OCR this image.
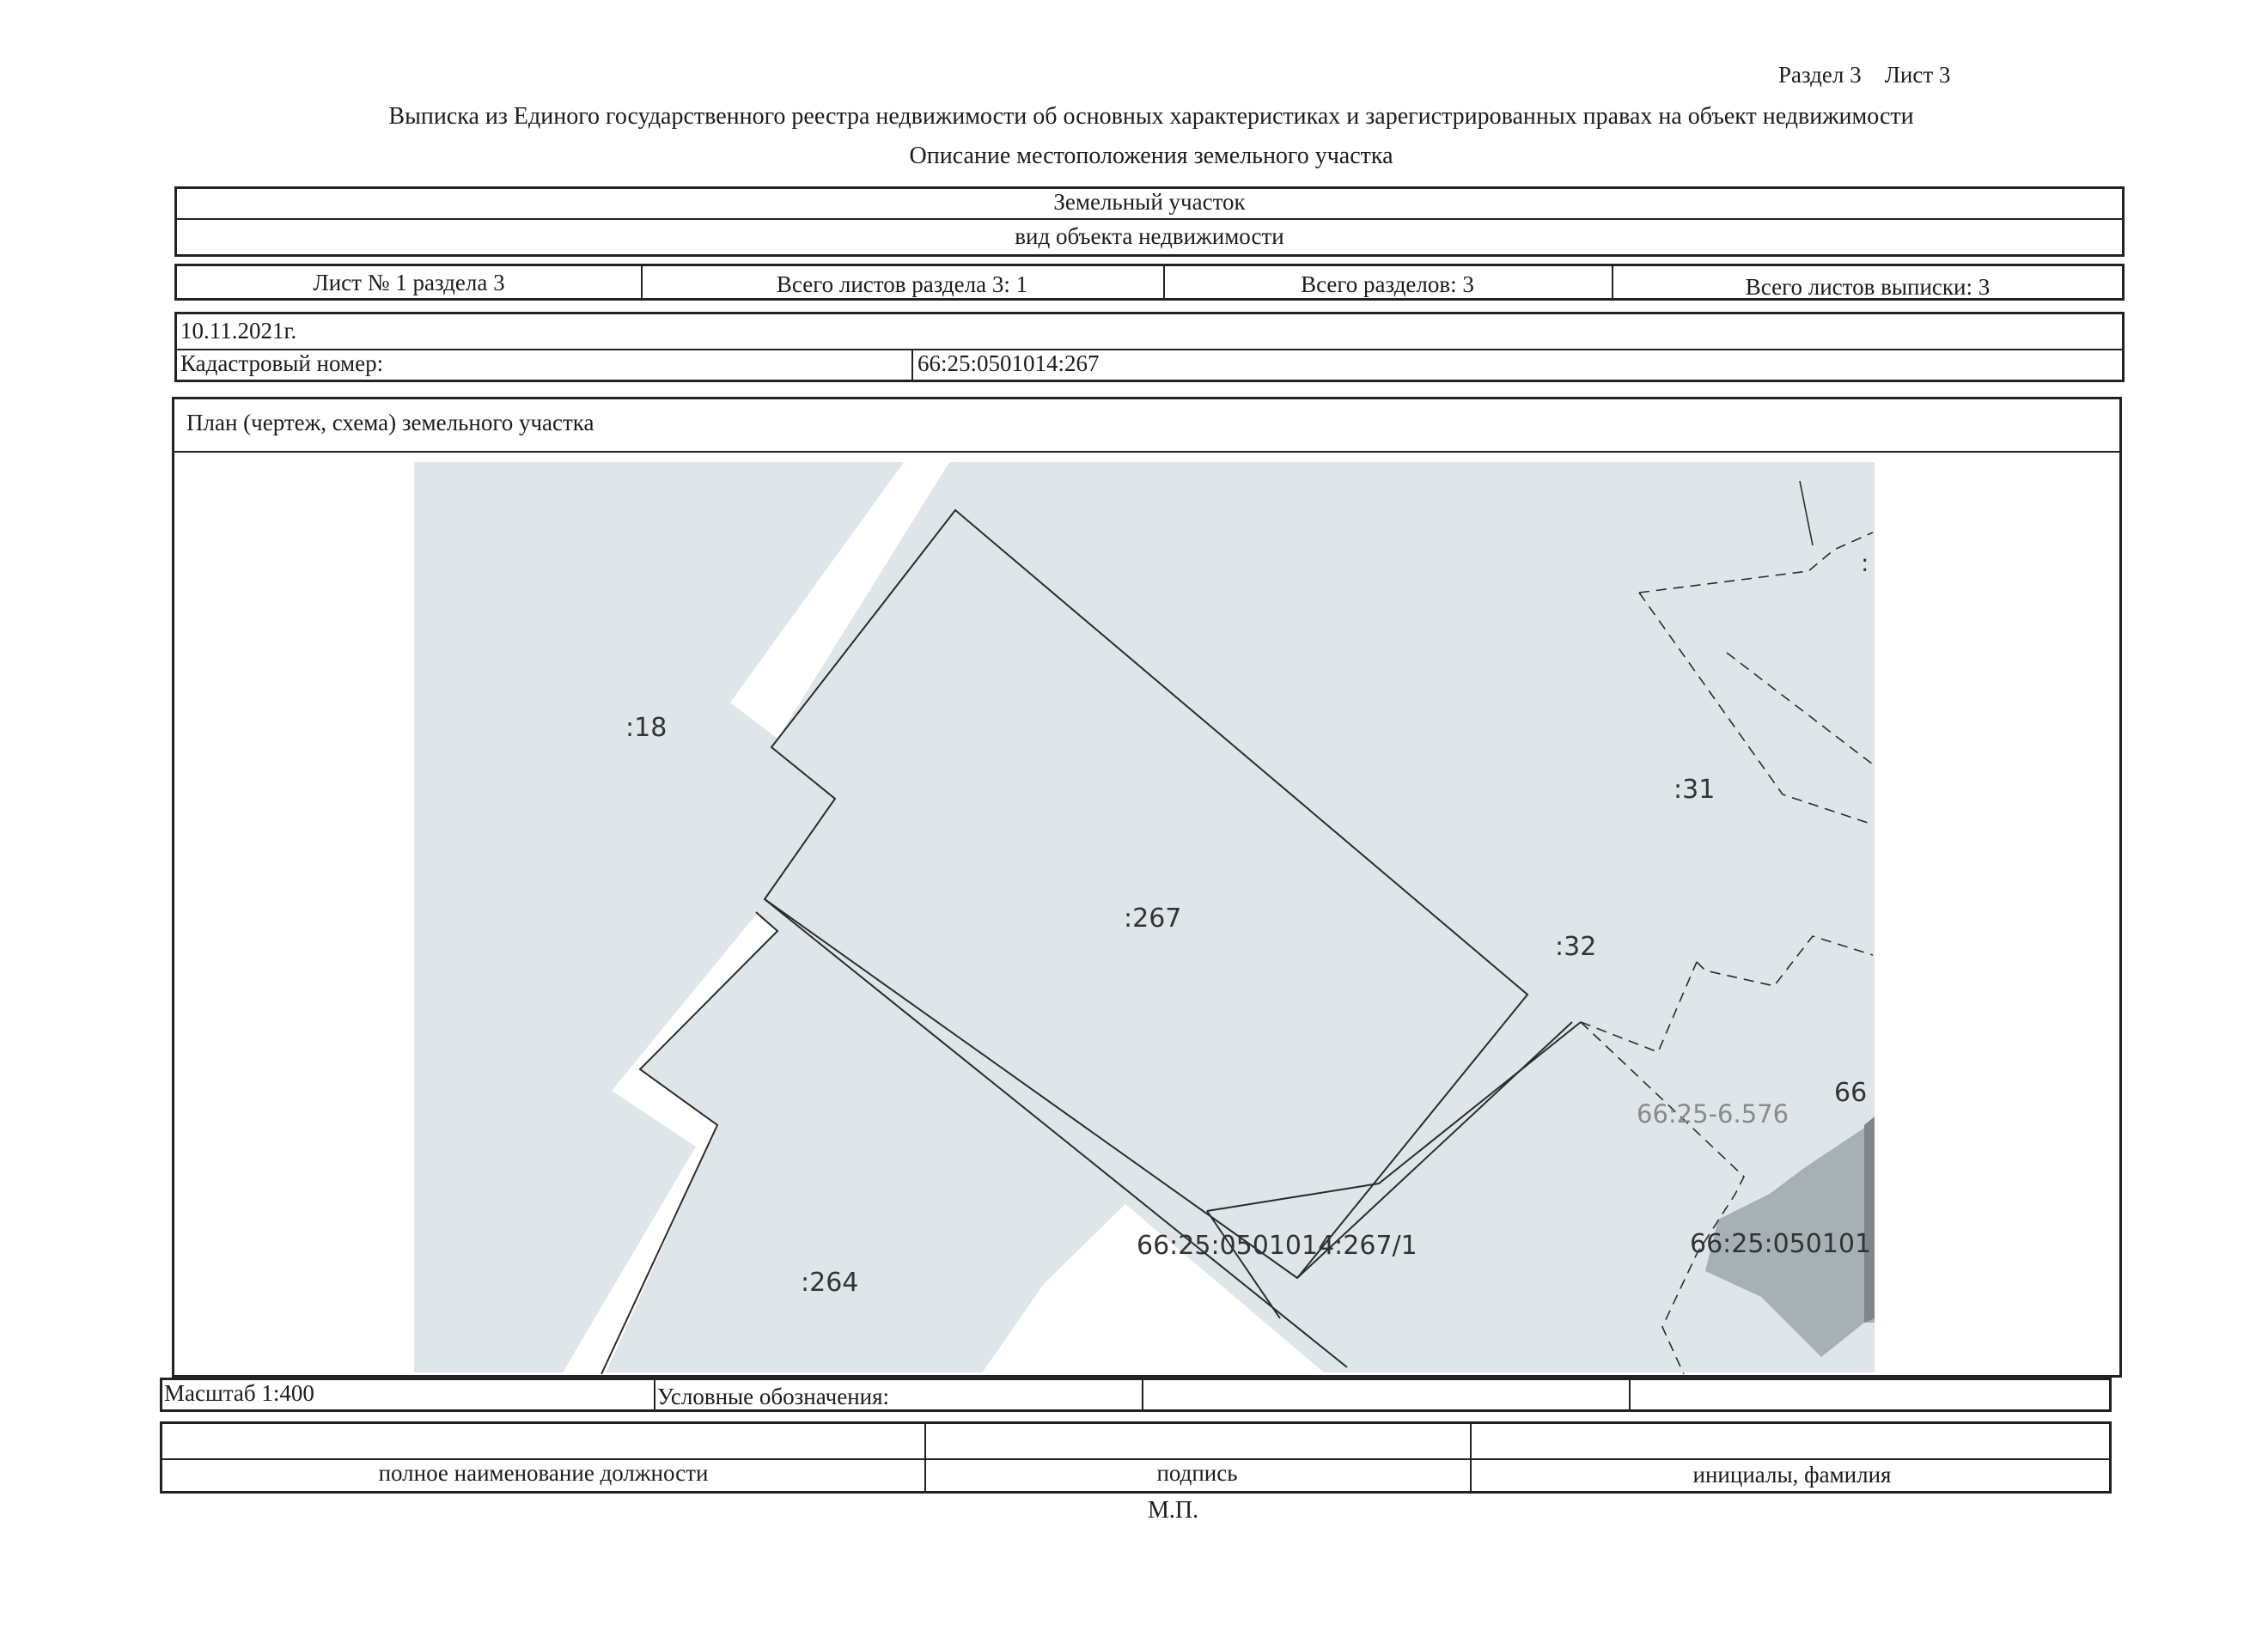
Раздел 3    Лист 3
Выписка из Единого государственного реестра недвижимости об основных характеристиках и зарегистрированных правах на объект недвижимости
Описание местоположения земельного участка
Земельный участок
вид объекта недвижимости
Лист № 1 раздела 3	Всего листов раздела 3: 1	Всего разделов: 3	Всего листов выписки: 3
10.11.2021г.
Кадастровый номер:	66:25:0501014:267
План (чертеж, схема) земельного участка
:18
:267
:31
:32
:264
66:25-6.576
66
66:25:0501014:267/1	66:25:050101
:
Масштаб 1:400	Условные обозначения:
полное наименование должности	подпись	инициалы, фамилия
М.П.
